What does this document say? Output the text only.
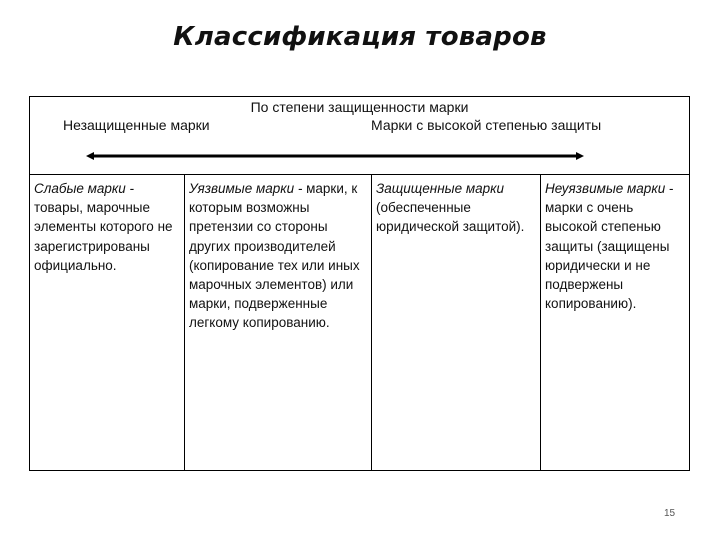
Классификация товаров
По степени защищенности марки
Незащищенные марки	Марки с высокой степенью защиты
Слабые марки - товары, марочные элементы которого не зарегистрированы официально.
Уязвимые марки - марки, к которым возможны претензии со стороны других производителей (копирование тех или иных марочных элементов) или марки, подверженные легкому копированию.
Защищенные марки (обеспеченные юридической защитой).
Неуязвимые марки - марки с очень высокой степенью защиты (защищены юридически и не подвержены копированию).
15
